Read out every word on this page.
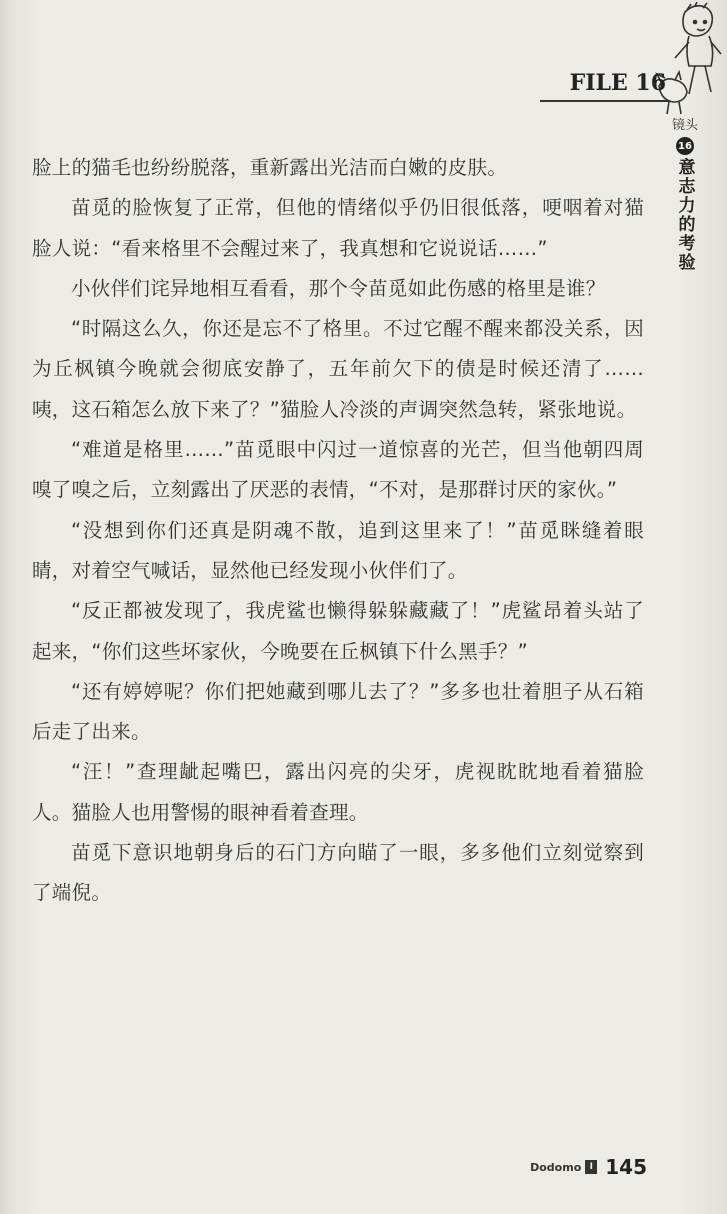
FILE 16
镜头
16
意志力的考验

脸上的猫毛也纷纷脱落，重新露出光洁而白嫩的皮肤。

苗觅的脸恢复了正常，但他的情绪似乎仍旧很低落，哽咽着对猫脸人说：“看来格里不会醒过来了，我真想和它说说话……”

小伙伴们诧异地相互看看，那个令苗觅如此伤感的格里是谁？

“时隔这么久，你还是忘不了格里。不过它醒不醒来都没关系，因为丘枫镇今晚就会彻底安静了，五年前欠下的债是时候还清了……咦，这石箱怎么放下来了？”猫脸人冷淡的声调突然急转，紧张地说。

“难道是格里……”苗觅眼中闪过一道惊喜的光芒，但当他朝四周嗅了嗅之后，立刻露出了厌恶的表情，“不对，是那群讨厌的家伙。”

“没想到你们还真是阴魂不散，追到这里来了！”苗觅眯缝着眼睛，对着空气喊话，显然他已经发现小伙伴们了。

“反正都被发现了，我虎鲨也懒得躲躲藏藏了！”虎鲨昂着头站了起来，“你们这些坏家伙，今晚要在丘枫镇下什么黑手？”

“还有婷婷呢？你们把她藏到哪儿去了？”多多也壮着胆子从石箱后走了出来。

“汪！”查理龇起嘴巴，露出闪亮的尖牙，虎视眈眈地看着猫脸人。猫脸人也用警惕的眼神看着查理。

苗觅下意识地朝身后的石门方向瞄了一眼，多多他们立刻觉察到了端倪。

Dodomo I 145
